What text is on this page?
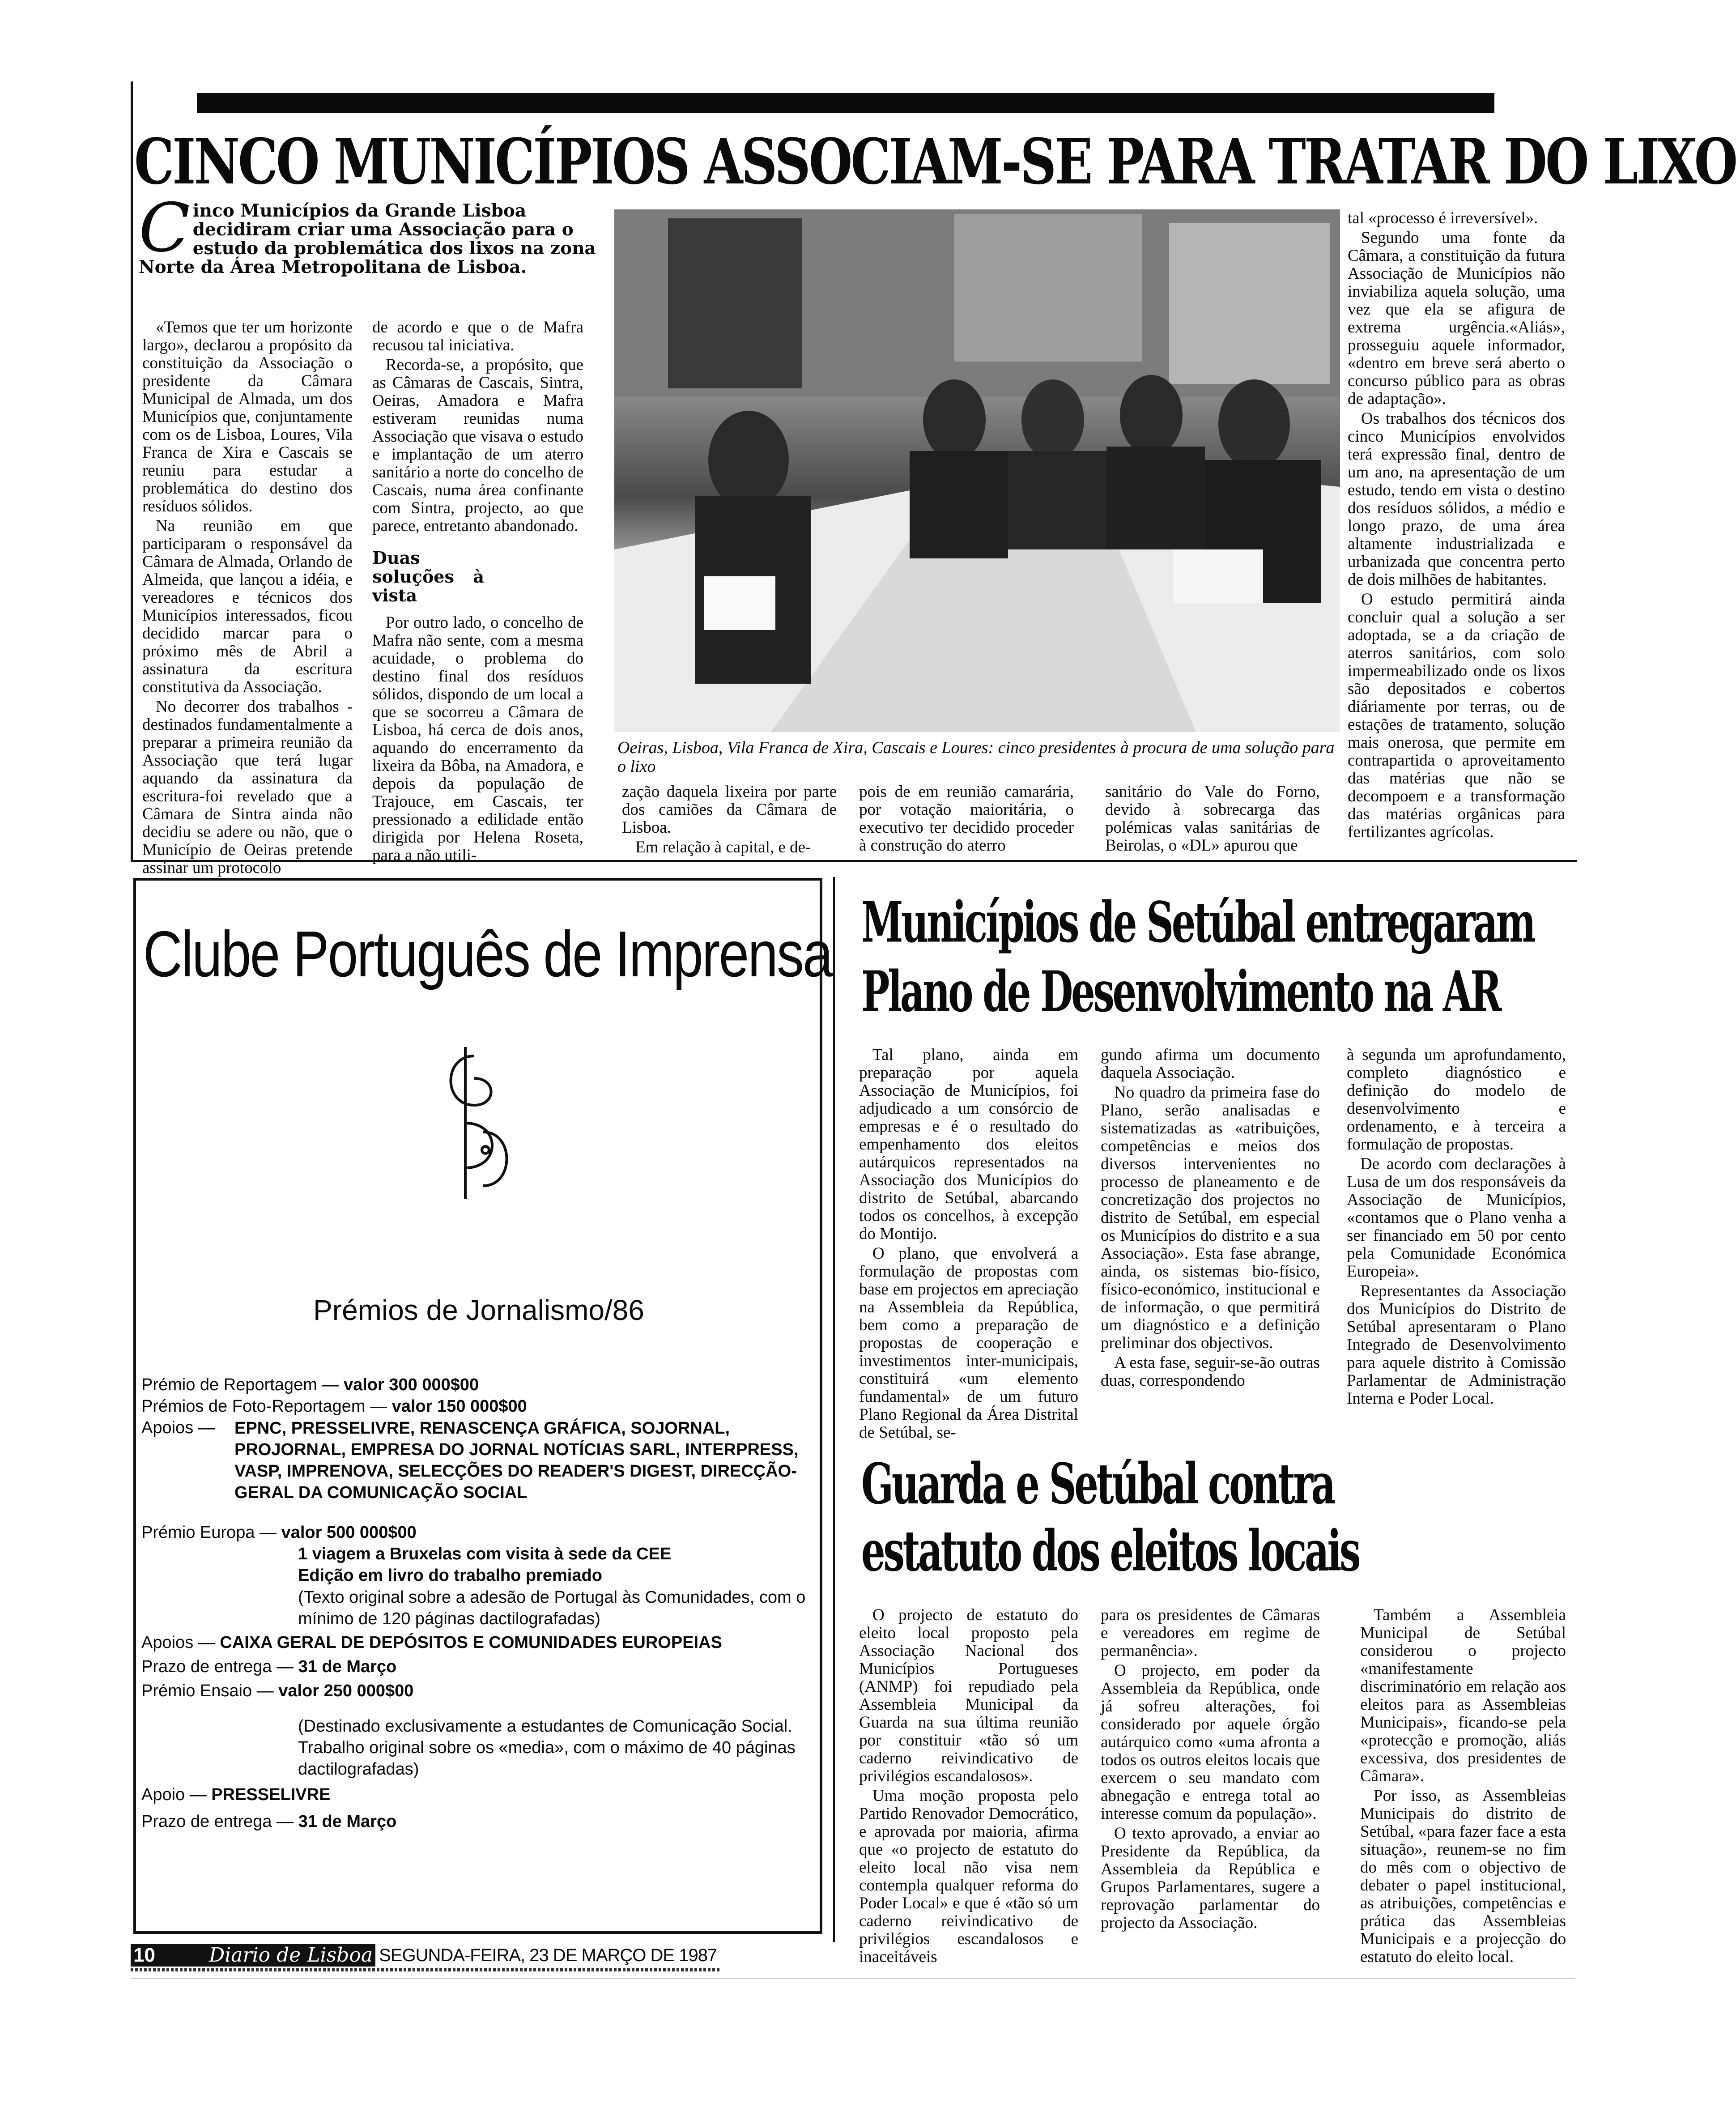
CINCO MUNICÍPIOS ASSOCIAM-SE PARA TRATAR DO LIXO
C inco Municípios da Grande Lisboa decidiram criar uma Associação para o estudo da problemática dos lixos na zona Norte da Área Metropolitana de Lisboa.

«Temos que ter um horizonte largo», declarou a propósito da constituição da Associação o presidente da Câmara Municipal de Almada, um dos Municípios que, conjuntamente com os de Lisboa, Loures, Vila Franca de Xira e Cascais se reuniu para estudar a problemática do destino dos resíduos sólidos.

Na reunião em que participaram o responsável da Câmara de Almada, Orlando de Almeida, que lançou a idéia, e vereadores e técnicos dos Municípios interessados, ficou decidido marcar para o próximo mês de Abril a assinatura da escritura constitutiva da Associação.

No decorrer dos trabalhos -destinados fundamentalmente a preparar a primeira reunião da Associação que terá lugar aquando da assinatura da escritura-foi revelado que a Câmara de Sintra ainda não decidiu se adere ou não, que o Município de Oeiras pretende assinar um protocolo

de acordo e que o de Mafra recusou tal iniciativa.

Recorda-se, a propósito, que as Câmaras de Cascais, Sintra, Oeiras, Amadora e Mafra estiveram reunidas numa Associação que visava o estudo e implantação de um aterro sanitário a norte do concelho de Cascais, numa área confinante com Sintra, projecto, ao que parece, entretanto abandonado.

Duas soluções à vista

Por outro lado, o concelho de Mafra não sente, com a mesma acuidade, o problema do destino final dos resíduos sólidos, dispondo de um local a que se socorreu a Câmara de Lisboa, há cerca de dois anos, aquando do encerramento da lixeira da Bôba, na Amadora, e depois da população de Trajouce, em Cascais, ter pressionado a edilidade então dirigida por Helena Roseta, para a não utili-

Oeiras, Lisboa, Vila Franca de Xira, Cascais e Loures: cinco presidentes à procura de uma solução para o lixo

zação daquela lixeira por parte dos camiões da Câmara de Lisboa.

Em relação à capital, e de-

pois de em reunião camarária, por votação maioritária, o executivo ter decidido proceder à construção do aterro

sanitário do Vale do Forno, devido à sobrecarga das polémicas valas sanitárias de Beirolas, o «DL» apurou que

tal «processo é irreversível».

Segundo uma fonte da Câmara, a constituição da futura Associação de Municípios não inviabiliza aquela solução, uma vez que ela se afigura de extrema urgência.«Aliás», prosseguiu aquele informador, «dentro em breve será aberto o concurso público para as obras de adaptação».

Os trabalhos dos técnicos dos cinco Municípios envolvidos terá expressão final, dentro de um ano, na apresentação de um estudo, tendo em vista o destino dos resíduos sólidos, a médio e longo prazo, de uma área altamente industrializada e urbanizada que concentra perto de dois milhões de habitantes.

O estudo permitirá ainda concluir qual a solução a ser adoptada, se a da criação de aterros sanitários, com solo impermeabilizado onde os lixos são depositados e cobertos diáriamente por terras, ou de estações de tratamento, solução mais onerosa, que permite em contrapartida o aproveitamento das matérias que não se decompoem e a transformação das matérias orgânicas para fertilizantes agrícolas.

Clube Português de Imprensa
Prémios de Jornalismo/86
Prémio de Reportagem — valor 300 000$00
Prémios de Foto-Reportagem — valor 150 000$00
Apoios — EPNC, PRESSELIVRE, RENASCENÇA GRÁFICA, SOJORNAL, PROJORNAL, EMPRESA DO JORNAL NOTÍCIAS SARL, INTERPRESS, VASP, IMPRENOVA, SELECÇÕES DO READER'S DIGEST, DIRECÇÃO-GERAL DA COMUNICAÇÃO SOCIAL
Prémio Europa — valor 500 000$00
1 viagem a Bruxelas com visita à sede da CEE
Edição em livro do trabalho premiado
(Texto original sobre a adesão de Portugal às Comunidades, com o mínimo de 120 páginas dactilografadas)
Apoios — CAIXA GERAL DE DEPÓSITOS E COMUNIDADES EUROPEIAS
Prazo de entrega — 31 de Março
Prémio Ensaio — valor 250 000$00
(Destinado exclusivamente a estudantes de Comunicação Social. Trabalho original sobre os «media», com o máximo de 40 páginas dactilografadas)
Apoio — PRESSELIVRE
Prazo de entrega — 31 de Março
Municípios de Setúbal entregaram
Plano de Desenvolvimento na AR

Tal plano, ainda em preparação por aquela Associação de Municípios, foi adjudicado a um consórcio de empresas e é o resultado do empenhamento dos eleitos autárquicos representados na Associação dos Municípios do distrito de Setúbal, abarcando todos os concelhos, à excepção do Montijo.

O plano, que envolverá a formulação de propostas com base em projectos em apreciação na Assembleia da República, bem como a preparação de propostas de cooperação e investimentos inter-municipais, constituirá «um elemento fundamental» de um futuro Plano Regional da Área Distrital de Setúbal, se-

gundo afirma um documento daquela Associação.

No quadro da primeira fase do Plano, serão analisadas e sistematizadas as «atribuições, competências e meios dos diversos intervenientes no processo de planeamento e de concretização dos projectos no distrito de Setúbal, em especial os Municípios do distrito e a sua Associação». Esta fase abrange, ainda, os sistemas bio-físico, físico-económico, institucional e de informação, o que permitirá um diagnóstico e a definição preliminar dos objectivos.

A esta fase, seguir-se-ão outras duas, correspondendo

à segunda um aprofundamento, completo diagnóstico e definição do modelo de desenvolvimento e ordenamento, e à terceira a formulação de propostas.

De acordo com declarações à Lusa de um dos responsáveis da Associação de Municípios, «contamos que o Plano venha a ser financiado em 50 por cento pela Comunidade Económica Europeia».

Representantes da Associação dos Municípios do Distrito de Setúbal apresentaram o Plano Integrado de Desenvolvimento para aquele distrito à Comissão Parlamentar de Administração Interna e Poder Local.

Guarda e Setúbal contra
estatuto dos eleitos locais

O projecto de estatuto do eleito local proposto pela Associação Nacional dos Municípios Portugueses (ANMP) foi repudiado pela Assembleia Municipal da Guarda na sua última reunião por constituir «tão só um caderno reivindicativo de privilégios escandalosos».

Uma moção proposta pelo Partido Renovador Democrático, e aprovada por maioria, afirma que «o projecto de estatuto do eleito local não visa nem contempla qualquer reforma do Poder Local» e que é «tão só um caderno reivindicativo de privilégios escandalosos e inaceitáveis

para os presidentes de Câmaras e vereadores em regime de permanência».

O projecto, em poder da Assembleia da República, onde já sofreu alterações, foi considerado por aquele órgão autárquico como «uma afronta a todos os outros eleitos locais que exercem o seu mandato com abnegação e entrega total ao interesse comum da população».

O texto aprovado, a enviar ao Presidente da República, da Assembleia da República e Grupos Parlamentares, sugere a reprovação parlamentar do projecto da Associação.

Também a Assembleia Municipal de Setúbal considerou o projecto «manifestamente discriminatório em relação aos eleitos para as Assembleias Municipais», ficando-se pela «protecção e promoção, aliás excessiva, dos presidentes de Câmara».

Por isso, as Assembleias Municipais do distrito de Setúbal, «para fazer face a esta situação», reunem-se no fim do mês com o objectivo de debater o papel institucional, as atribuições, competências e prática das Assembleias Municipais e a projecção do estatuto do eleito local.

10	Diario de Lisboa SEGUNDA-FEIRA, 23 DE MARÇO DE 1987
